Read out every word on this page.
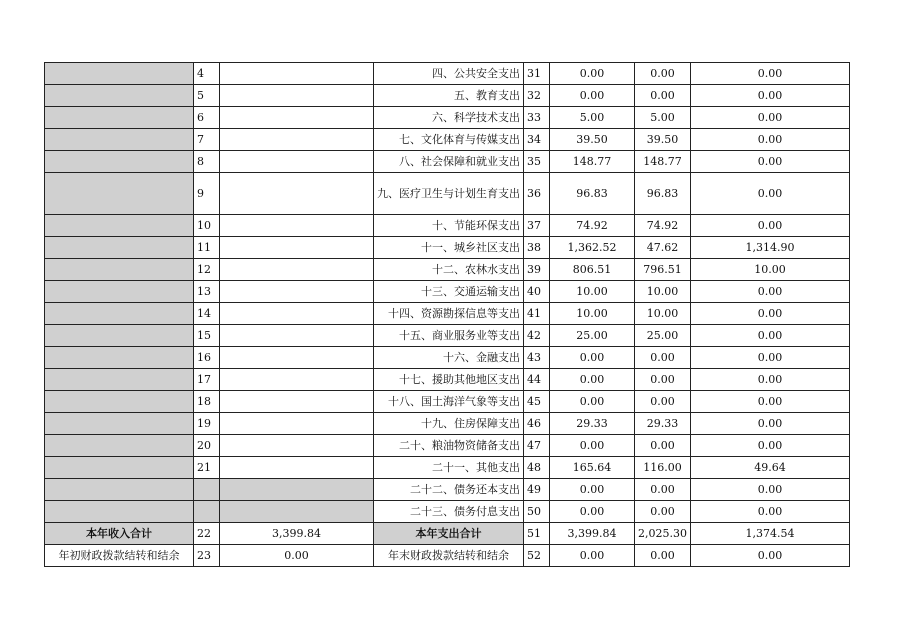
	4		四、公共安全支出	31	0.00	0.00	0.00
	5		五、教育支出	32	0.00	0.00	0.00
	6		六、科学技术支出	33	5.00	5.00	0.00
	7		七、文化体育与传媒支出	34	39.50	39.50	0.00
	8		八、社会保障和就业支出	35	148.77	148.77	0.00
	9		九、医疗卫生与计划生育支出	36	96.83	96.83	0.00
	10		十、节能环保支出	37	74.92	74.92	0.00
	11		十一、城乡社区支出	38	1,362.52	47.62	1,314.90
	12		十二、农林水支出	39	806.51	796.51	10.00
	13		十三、交通运输支出	40	10.00	10.00	0.00
	14		十四、资源勘探信息等支出	41	10.00	10.00	0.00
	15		十五、商业服务业等支出	42	25.00	25.00	0.00
	16		十六、金融支出	43	0.00	0.00	0.00
	17		十七、援助其他地区支出	44	0.00	0.00	0.00
	18		十八、国土海洋气象等支出	45	0.00	0.00	0.00
	19		十九、住房保障支出	46	29.33	29.33	0.00
	20		二十、粮油物资储备支出	47	0.00	0.00	0.00
	21		二十一、其他支出	48	165.64	116.00	49.64
			二十二、债务还本支出	49	0.00	0.00	0.00
			二十三、债务付息支出	50	0.00	0.00	0.00
本年收入合计	22	3,399.84	本年支出合计	51	3,399.84	2,025.30	1,374.54
年初财政拨款结转和结余	23	0.00	年末财政拨款结转和结余	52	0.00	0.00	0.00
